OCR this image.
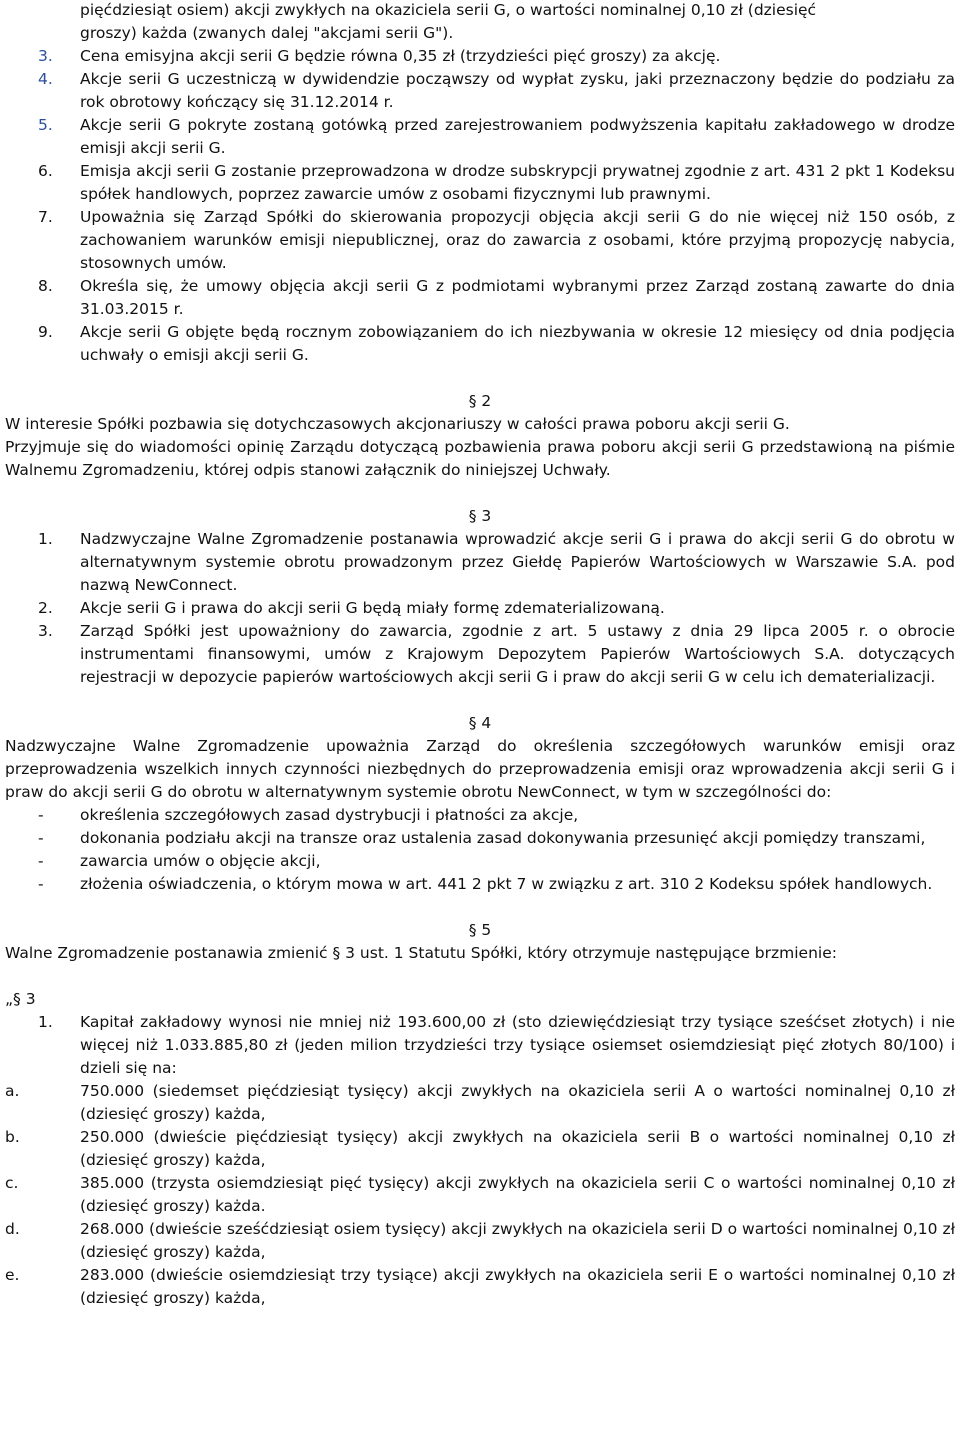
pięćdziesiąt osiem) akcji zwykłych na okaziciela serii G, o wartości nominalnej 0,10 zł (dziesięć
groszy) każda (zwanych dalej "akcjami serii G").
3. Cena emisyjna akcji serii G będzie równa 0,35 zł (trzydzieści pięć groszy) za akcję.
4. Akcje serii G uczestniczą w dywidendzie począwszy od wypłat zysku, jaki przeznaczony będzie do podziału za rok obrotowy kończący się 31.12.2014 r.
5. Akcje serii G pokryte zostaną gotówką przed zarejestrowaniem podwyższenia kapitału zakładowego w drodze emisji akcji serii G.
6. Emisja akcji serii G zostanie przeprowadzona w drodze subskrypcji prywatnej zgodnie z art. 431 2 pkt 1 Kodeksu spółek handlowych, poprzez zawarcie umów z osobami fizycznymi lub prawnymi.
7. Upoważnia się Zarząd Spółki do skierowania propozycji objęcia akcji serii G do nie więcej niż 150 osób, z zachowaniem warunków emisji niepublicznej, oraz do zawarcia z osobami, które przyjmą propozycję nabycia, stosownych umów.
8. Określa się, że umowy objęcia akcji serii G z podmiotami wybranymi przez Zarząd zostaną zawarte do dnia 31.03.2015 r.
9. Akcje serii G objęte będą rocznym zobowiązaniem do ich niezbywania w okresie 12 miesięcy od dnia podjęcia uchwały o emisji akcji serii G.
§ 2
W interesie Spółki pozbawia się dotychczasowych akcjonariuszy w całości prawa poboru akcji serii G.
Przyjmuje się do wiadomości opinię Zarządu dotyczącą pozbawienia prawa poboru akcji serii G przedstawioną na piśmie Walnemu Zgromadzeniu, której odpis stanowi załącznik do niniejszej Uchwały.
§ 3
1. Nadzwyczajne Walne Zgromadzenie postanawia wprowadzić akcje serii G i prawa do akcji serii G do obrotu w alternatywnym systemie obrotu prowadzonym przez Giełdę Papierów Wartościowych w Warszawie S.A. pod nazwą NewConnect.
2. Akcje serii G i prawa do akcji serii G będą miały formę zdematerializowaną.
3. Zarząd Spółki jest upoważniony do zawarcia, zgodnie z art. 5 ustawy z dnia 29 lipca 2005 r. o obrocie instrumentami finansowymi, umów z Krajowym Depozytem Papierów Wartościowych S.A. dotyczących rejestracji w depozycie papierów wartościowych akcji serii G i praw do akcji serii G w celu ich dematerializacji.
§ 4
Nadzwyczajne Walne Zgromadzenie upoważnia Zarząd do określenia szczegółowych warunków emisji oraz przeprowadzenia wszelkich innych czynności niezbędnych do przeprowadzenia emisji oraz wprowadzenia akcji serii G i praw do akcji serii G do obrotu w alternatywnym systemie obrotu NewConnect, w tym w szczególności do:
- określenia szczegółowych zasad dystrybucji i płatności za akcje,
- dokonania podziału akcji na transze oraz ustalenia zasad dokonywania przesunięć akcji pomiędzy transzami,
- zawarcia umów o objęcie akcji,
- złożenia oświadczenia, o którym mowa w art. 441 2 pkt 7 w związku z art. 310 2 Kodeksu spółek handlowych.
§ 5
Walne Zgromadzenie postanawia zmienić § 3 ust. 1 Statutu Spółki, który otrzymuje następujące brzmienie:
„§ 3
1. Kapitał zakładowy wynosi nie mniej niż 193.600,00 zł (sto dziewięćdziesiąt trzy tysiące sześćset złotych) i nie więcej niż 1.033.885,80 zł (jeden milion trzydzieści trzy tysiące osiemset osiemdziesiąt pięć złotych 80/100) i dzieli się na:
a.	750.000 (siedemset pięćdziesiąt tysięcy) akcji zwykłych na okaziciela serii A o wartości nominalnej 0,10 zł (dziesięć groszy) każda,
b.	250.000 (dwieście pięćdziesiąt tysięcy) akcji zwykłych na okaziciela serii B o wartości nominalnej 0,10 zł (dziesięć groszy) każda,
c.	385.000 (trzysta osiemdziesiąt pięć tysięcy) akcji zwykłych na okaziciela serii C o wartości nominalnej 0,10 zł (dziesięć groszy) każda.
d.	268.000 (dwieście sześćdziesiąt osiem tysięcy) akcji zwykłych na okaziciela serii D o wartości nominalnej 0,10 zł (dziesięć groszy) każda,
e.	283.000 (dwieście osiemdziesiąt trzy tysiące) akcji zwykłych na okaziciela serii E o wartości nominalnej 0,10 zł (dziesięć groszy) każda,
